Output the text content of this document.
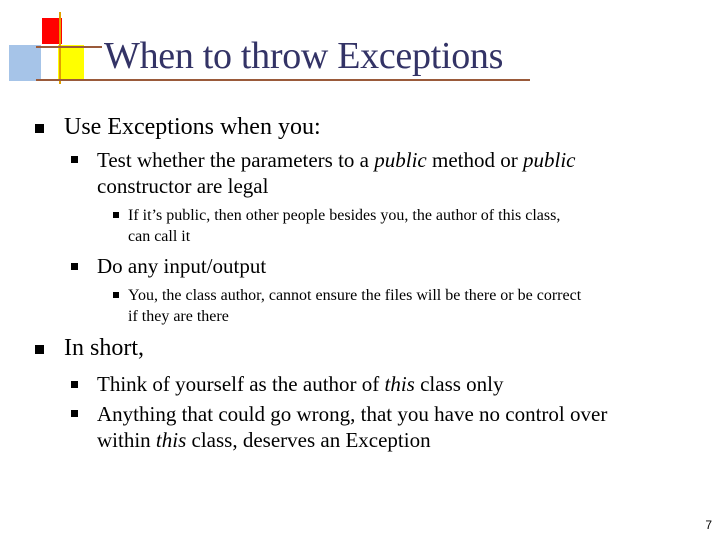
When to throw Exceptions

Use Exceptions when you:

Test whether the parameters to a public method or public
constructor are legal

If it’s public, then other people besides you, the author of this class,
can call it

Do any input/output

You, the class author, cannot ensure the files will be there or be correct
if they are there

In short,

Think of yourself as the author of this class only

Anything that could go wrong, that you have no control over
within this class, deserves an Exception

7
